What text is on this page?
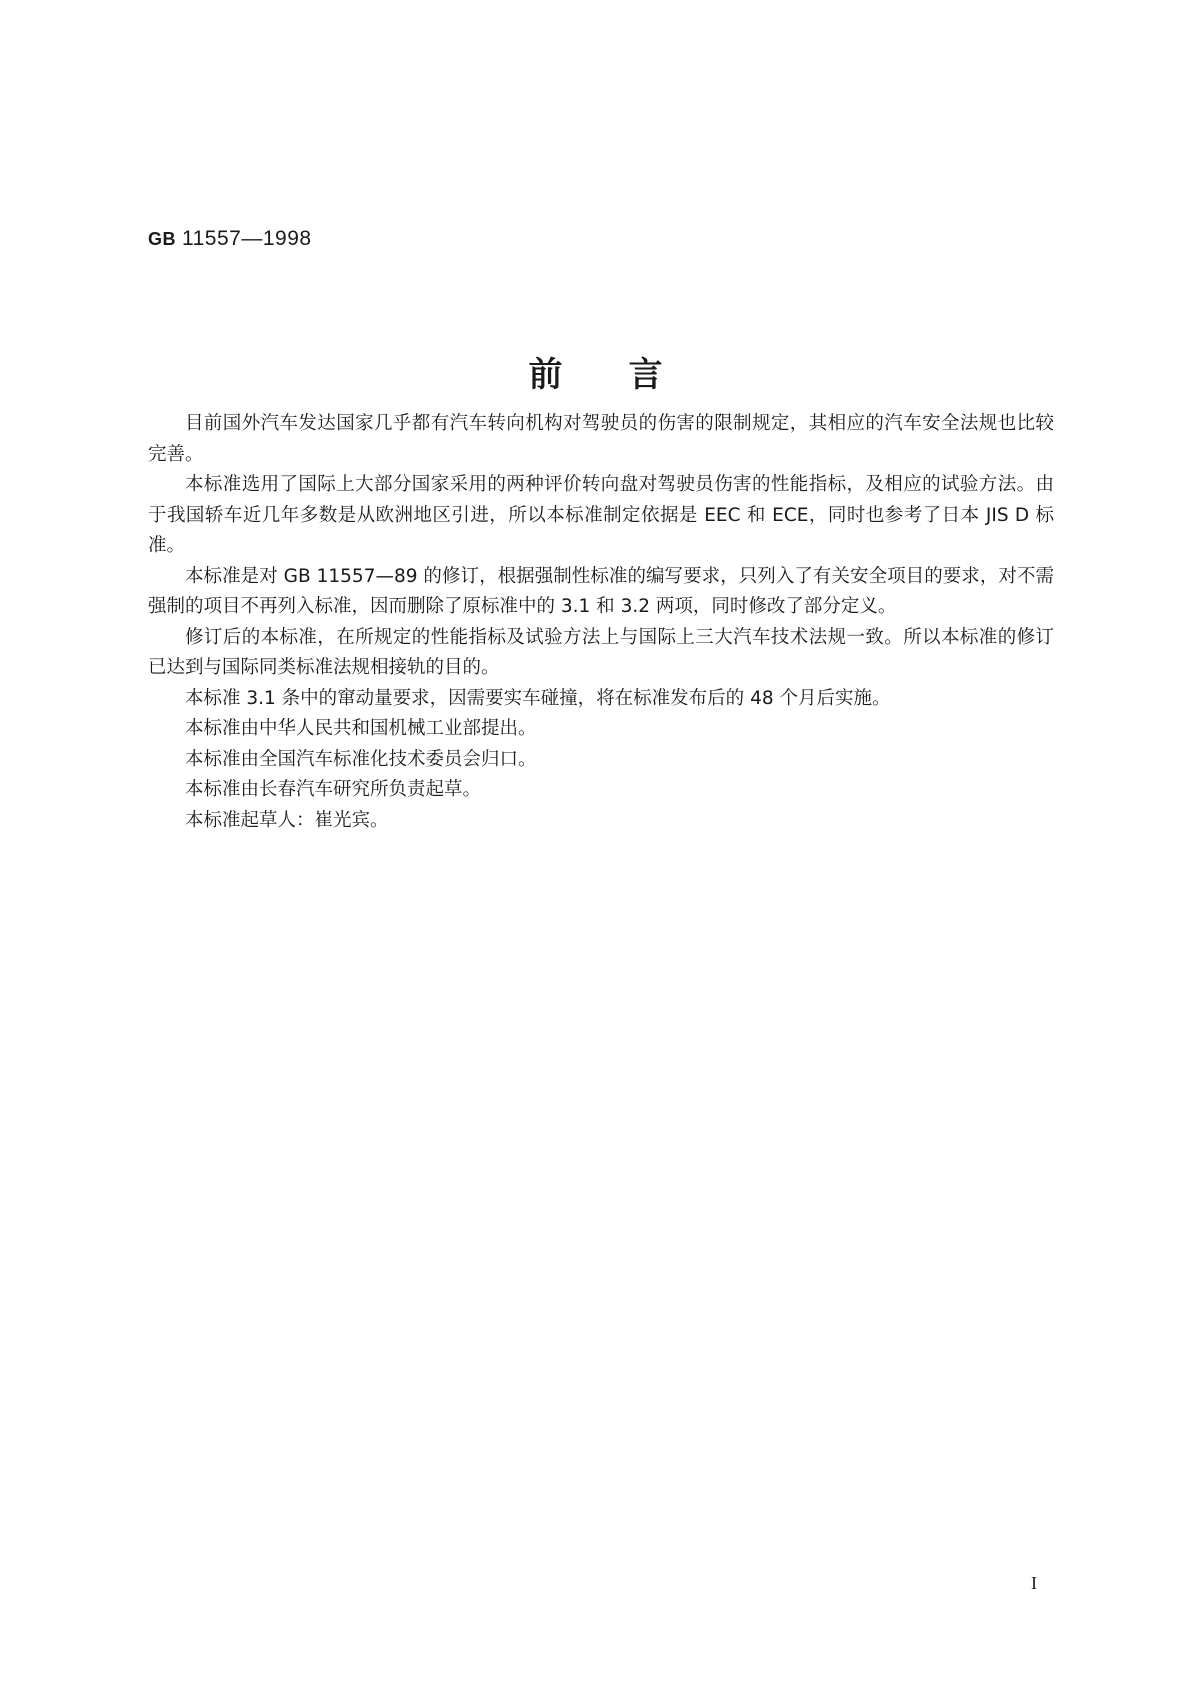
GB 11557—1998
前言

目前国外汽车发达国家几乎都有汽车转向机构对驾驶员的伤害的限制规定，其相应的汽车安全法规也比较完善。

本标准选用了国际上大部分国家采用的两种评价转向盘对驾驶员伤害的性能指标，及相应的试验方法。由于我国轿车近几年多数是从欧洲地区引进，所以本标准制定依据是 EEC 和 ECE，同时也参考了日本 JIS D 标准。

本标准是对 GB 11557—89 的修订，根据强制性标准的编写要求，只列入了有关安全项目的要求，对不需强制的项目不再列入标准，因而删除了原标准中的 3.1 和 3.2 两项，同时修改了部分定义。

修订后的本标准，在所规定的性能指标及试验方法上与国际上三大汽车技术法规一致。所以本标准的修订已达到与国际同类标准法规相接轨的目的。

本标准 3.1 条中的窜动量要求，因需要实车碰撞，将在标准发布后的 48 个月后实施。

本标准由中华人民共和国机械工业部提出。

本标准由全国汽车标准化技术委员会归口。

本标准由长春汽车研究所负责起草。

本标准起草人：崔光宾。

I
